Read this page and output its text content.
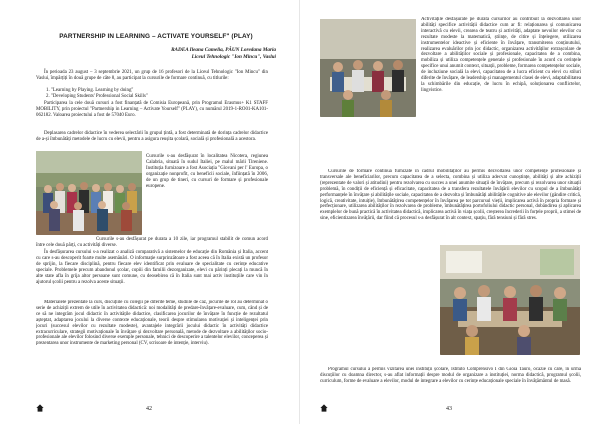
PARTNERSHIP IN LEARNING – ACTIVATE YOURSELF" (PLAY)
RADEA Ileana Camelia, PĂUN Loredana Maria
Liceul Tehnologic "Ion Mincu", Vaslui

În perioada 23 august – 3 septembrie 2021, un grup de 16 profesori de la Liceul Tehnologic "Ion Mincu" din Vaslui, împărțiți în două grupe de câte 8, au participat la cursurile de formare continuă, cu titlurile:

1. "Learning by Playing. Learning by doing"
2. "Developing Students' Professional Social Skills"

Participarea la cele două cursuri a fost finanțată de Comisia Europeană, prin Programul Erasmus+ K1 STAFF MOBILITY, prin proiectul "Partnership in Learning – Activate Yourself" (PLAY), cu numărul 2019-1-RO01-KA101-062182. Valoarea proiectului a fost de 57040 Euro.

Deplasarea cadrelor didactice în vederea selectării în grupul țintă, a fost determinată de dorința cadrelor didactice de a-și îmbunătăți metodele de lucru cu elevii, pentru a asigura reușita școlară, socială și profesională a acestora.

Cursurile s-au desfășurat în localitatea Nicotera, regiunea Calabria, situată în sudul Italiei, pe malul mării Tireniene. Instituția furnizoare a fost Asociația "Giovani per l' Europa, o organizație nonprofit, cu beneficii sociale, înființată în 2006, de un grup de tineri, cu cursuri de formare și profesionale europene.

Cursurile s-au desfășurat pe durata a 10 zile, iar programul stabilit de comun acord între cele două părți, cu activități diverse.

În desfășurarea cursului s-a realizat o analiză comparativă a sistemelor de educație din România și Italia, accent cu care s-au descoperit foarte multe asemănări. O informație surprinzătoare a fost aceea că în Italia există un profesor de sprijin, la fiecare disciplină, pentru fiecare elev identificat prin evaluare de specialitate cu cerințe educative speciale. Problemele precum abandonul școlar, copiii din familii dezorganizate, elevi cu părinți plecați la muncă în alte state afla în grija altor persoane sunt comune, cu deosebirea că în Italia sunt mai activ instituțiile care vin în ajutorul școlii pentru a rezolva aceste situații.

Materialele prezentate la curs, discuțiile cu colegii pe diferite teme, studiile de caz, jocurile de rol au determinat o serie de achiziții extrem de utile în activitatea didactică: noi modalități de predare-învățare-evaluare, cum, când și de ce să ne integrăm jocul didactic în activitățile didactice, clasificarea jocurilor de învățare în funcție de rezultatul așteptat, adaptarea jocului la diverse contexte educaționale, teorii despre stimularea motivației și inteligenței prin jocuri (succesul elevilor cu rezultate modeste), avantajele integrării jocului didactic în activități didactice extracurriculare, strategii motivaționale în învățare și dezvoltare personală, metode de dezvoltare a abilităților socio-profesionale ale elevilor folosind diverse exemple personale, tehnici de descoperire a talentelor elevilor, conceperea și prezentarea unor instrumente de marketing personal (CV, scrisoare de intenție, interviu).

42

Activitățile desfășurate pe durata cursurilor au contribuit la dezvoltarea unor abilități specifice activității didactice cum ar fi: relaționarea și comunicarea interactivă cu elevii, crearea de teatru și activități, adaptate nevoilor elevilor cu rezultate modeste la matematică, științe, de citire și înțelegere, utilizarea instrumentelor ideactive și eficiente în învățare, transmiterea conținutului, realizarea evaluărilor prin joc didactic, organizarea activităților extrașcolare de dezvoltare a abilităților sociale și profesionale, capacitatea de a combina, mobiliza și utiliza competențele generale și profesionale în acord cu cerințele specifice unui anumit context, situații, probleme, formarea competențelor sociale, de incluziune socială la elevi, capacitatea de a lucra eficient cu elevi cu stiluri diferite de învățare, de leadership și managementul clasei de elevi, adaptabilitatea la schimbările din educație, de lucru în echipă, soluționarea conflictelor, lingvistice.

Cursurile de formare continuă furnizate în cadrul mobilităților au permis dezvoltarea unor competențe profesionale și transversale ale beneficiarilor, precum capacitatea de a selecta, combina și utiliza adecvat cunoștințe, abilități și alte achiziții (reprezentate de valori și atitudini) pentru rezolvarea cu succes a unei anumite situații de învățare, precum și rezolvarea unor situații problemă, în condiții de eficiență și eficacitate, capacitatea de a transfera rezultatele învățării elevilor cu scopul de a îmbunătăți performanțele în învățare și abilitățile sociale, capacitatea de a dezvolta și îmbunătăți abilitățile cognitive ale elevilor (gândire critică, logică, creativitate, intuiție), îmbunătățirea competențelor în învățarea pe tot parcursul vieții, implicarea activă în propria formare și perfecționare, utilizarea abilităților în rezolvarea de probleme, îmbunătățirea portofoliului didactic personal, dobândirea și aplicarea exemplelor de bună practică în activitatea didactică, implicarea activă în viața școlii, creșterea încrederii în forțele proprii, a stimei de sine, eficientizarea învățării, dar fiind că procesul s-a desfășurat în alt context, spațiu, fără tensiuni și fără stres.

Programul cursului a permis vizitarea unei instituții școlare, Istituto Comprensivo I din Gioia Tauro, ocazie cu care, în urma discuțiilor cu doamna director, s-au aflat informații despre modul de organizare a instituției, norma didactică, programul școlii, curriculum, forme de evaluare a elevilor, modul de integrare a elevilor cu cerințe educaționale speciale în învățământul de masă.

43
